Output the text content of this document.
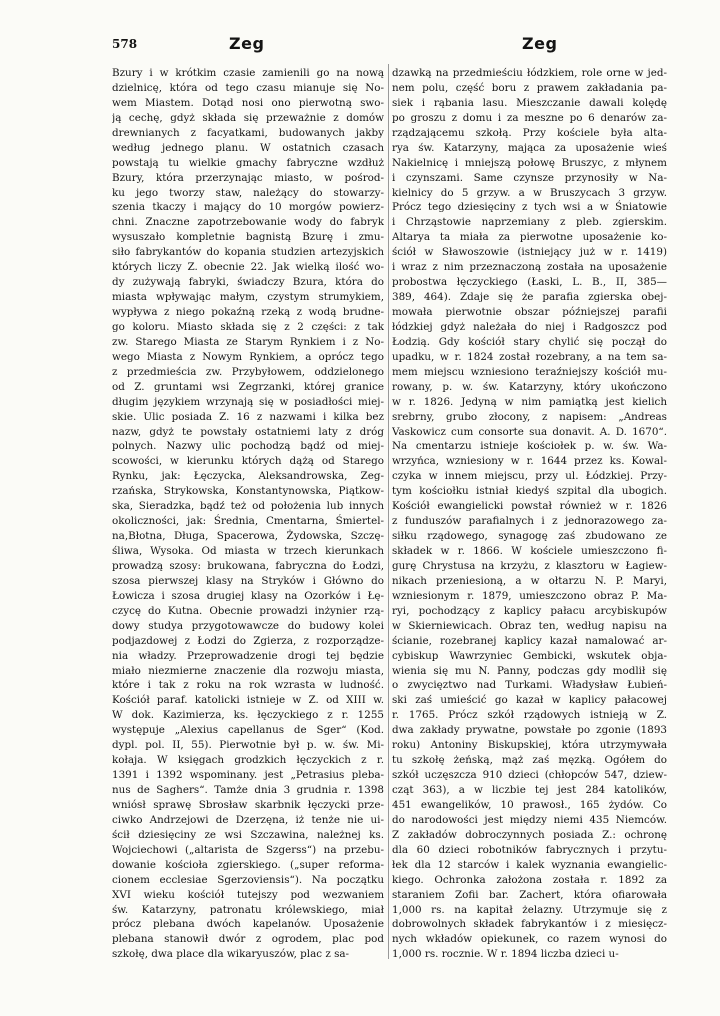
578	Zeg	Zeg
Bzury i w krótkim czasie zamienili go na nową
dzielnicę, która od tego czasu mianuje się No-
wem Miastem. Dotąd nosi ono pierwotną swo-
ją cechę, gdyż składa się przeważnie z domów
drewnianych z facyatkami, budowanych jakby
według jednego planu. W ostatnich czasach
powstają tu wielkie gmachy fabryczne wzdłuż
Bzury, która przerzynając miasto, w pośrod-
ku jego tworzy staw, należący do stowarzy-
szenia tkaczy i mający do 10 morgów powierz-
chni. Znaczne zapotrzebowanie wody do fabryk
wysuszało kompletnie bagnistą Bzurę i zmu-
siło fabrykantów do kopania studzien artezyjskich
których liczy Z. obecnie 22. Jak wielką ilość wo-
dy zużywają fabryki, świadczy Bzura, która do
miasta wpływając małym, czystym strumykiem,
wypływa z niego pokaźną rzeką z wodą brudne-
go koloru. Miasto składa się z 2 części: z tak
zw. Starego Miasta ze Starym Rynkiem i z No-
wego Miasta z Nowym Rynkiem, a oprócz tego
z przedmieścia zw. Przybyłowem, oddzielonego
od Z. gruntami wsi Zegrzanki, której granice
długim językiem wrzynają się w posiadłości miej-
skie. Ulic posiada Z. 16 z nazwami i kilka bez
nazw, gdyż te powstały ostatniemi laty z dróg
polnych. Nazwy ulic pochodzą bądź od miej-
scowości, w kierunku których dążą od Starego
Rynku, jak: Łęczycka, Aleksandrowska, Zeg-
rzańska, Strykowska, Konstantynowska, Piątkow-
ska, Sieradzka, bądź też od położenia lub innych
okoliczności, jak: Średnia, Cmentarna, Śmiertel-
na,Błotna, Długa, Spacerowa, Żydowska, Szczę-
śliwa, Wysoka. Od miasta w trzech kierunkach
prowadzą szosy: brukowana, fabryczna do Łodzi,
szosa pierwszej klasy na Stryków i Główno do
Łowicza i szosa drugiej klasy na Ozorków i Łę-
czycę do Kutna. Obecnie prowadzi inżynier rzą-
dowy studya przygotowawcze do budowy kolei
podjazdowej z Łodzi do Zgierza, z rozporządze-
nia władzy. Przeprowadzenie drogi tej będzie
miało niezmierne znaczenie dla rozwoju miasta,
które i tak z roku na rok wzrasta w ludność.
Kościół paraf. katolicki istnieje w Z. od XIII w.
W dok. Kazimierza, ks. łęczyckiego z r. 1255
występuje „Alexius capellanus de Sger“ (Kod.
dypl. pol. II, 55). Pierwotnie był p. w. św. Mi-
kołaja. W księgach grodzkich łęczyckich z r.
1391 i 1392 wspominany. jest „Petrasius pleba-
nus de Saghers“. Tamże dnia 3 grudnia r. 1398
wniósł sprawę Sbrosław skarbnik łęczycki prze-
ciwko Andrzejowi de Dzerzęna, iż tenże nie ui-
ścił dziesięciny ze wsi Szczawina, należnej ks.
Wojciechowi („altarista de Szgerss“) na przebu-
dowanie kościoła zgierskiego. („super reforma-
cionem ecclesiae Sgerzoviensis“). Na początku
XVI wieku kościół tutejszy pod wezwaniem
św. Katarzyny, patronatu królewskiego, miał
prócz plebana dwóch kapelanów. Uposażenie
plebana stanowił dwór z ogrodem, plac pod
szkołę, dwa place dla wikaryuszów, plac z sa-
dzawką na przedmieściu łódzkiem, role orne w jed-
nem polu, część boru z prawem zakładania pa-
siek i rąbania lasu. Mieszczanie dawali kolędę
po groszu z domu i za meszne po 6 denarów za-
rządzającemu szkołą. Przy kościele była alta-
rya św. Katarzyny, mająca za uposażenie wieś
Nakielnicę i mniejszą połowę Bruszyc, z młynem
i czynszami. Same czynsze przynosiły w Na-
kielnicy do 5 grzyw. a w Bruszycach 3 grzyw.
Prócz tego dziesięciny z tych wsi a w Śniatowie
i Chrząstowie naprzemiany z pleb. zgierskim.
Altarya ta miała za pierwotne uposażenie ko-
ściół w Sławoszowie (istniejący już w r. 1419)
i wraz z nim przeznaczoną została na uposażenie
probostwa łęczyckiego (Łaski, L. B., II, 385—
389, 464). Zdaje się że parafia zgierska obej-
mowała pierwotnie obszar późniejszej parafii
łódzkiej gdyż należała do niej i Radgoszcz pod
Łodzią. Gdy kościół stary chylić się począł do
upadku, w r. 1824 został rozebrany, a na tem sa-
mem miejscu wzniesiono teraźniejszy kościół mu-
rowany, p. w. św. Katarzyny, który ukończono
w r. 1826. Jedyną w nim pamiątką jest kielich
srebrny, grubo złocony, z napisem: „Andreas
Vaskowicz cum consorte sua donavit. A. D. 1670“.
Na cmentarzu istnieje kościołek p. w. św. Wa-
wrzyńca, wzniesiony w r. 1644 przez ks. Kowal-
czyka w innem miejscu, przy ul. Łódzkiej. Przy-
tym kościołku istniał kiedyś szpital dla ubogich.
Kościół ewangielicki powstał również w r. 1826
z funduszów parafialnych i z jednorazowego za-
siłku rządowego, synagogę zaś zbudowano ze
składek w r. 1866. W kościele umieszczono fi-
gurę Chrystusa na krzyżu, z klasztoru w Łagiew-
nikach przeniesioną, a w ołtarzu N. P. Maryi,
wzniesionym r. 1879, umieszczono obraz P. Ma-
ryi, pochodzący z kaplicy pałacu arcybiskupów
w Skierniewicach. Obraz ten, według napisu na
ścianie, rozebranej kaplicy kazał namalować ar-
cybiskup Wawrzyniec Gembicki, wskutek obja-
wienia się mu N. Panny, podczas gdy modlił się
o zwycięztwo nad Turkami. Władysław Łubień-
ski zaś umieścić go kazał w kaplicy pałacowej
r. 1765. Prócz szkół rządowych istnieją w Z.
dwa zakłady prywatne, powstałe po zgonie (1893
roku) Antoniny Biskupskiej, która utrzymywała
tu szkołę żeńską, mąż zaś męzką. Ogółem do
szkół uczęszcza 910 dzieci (chłopców 547, dziew-
cząt 363), a w liczbie tej jest 284 katolików,
451 ewangelików, 10 prawosł., 165 żydów. Co
do narodowości jest między niemi 435 Niemców.
Z zakładów dobroczynnych posiada Z.: ochronę
dla 60 dzieci robotników fabrycznych i przytu-
łek dla 12 starców i kalek wyznania ewangielic-
kiego. Ochronka założona została r. 1892 za
staraniem Zofii bar. Zachert, która ofiarowała
1,000 rs. na kapitał żelazny. Utrzymuje się z
dobrowolnych składek fabrykantów i z miesięcz-
nych wkładów opiekunek, co razem wynosi do
1,000 rs. rocznie. W r. 1894 liczba dzieci u-
